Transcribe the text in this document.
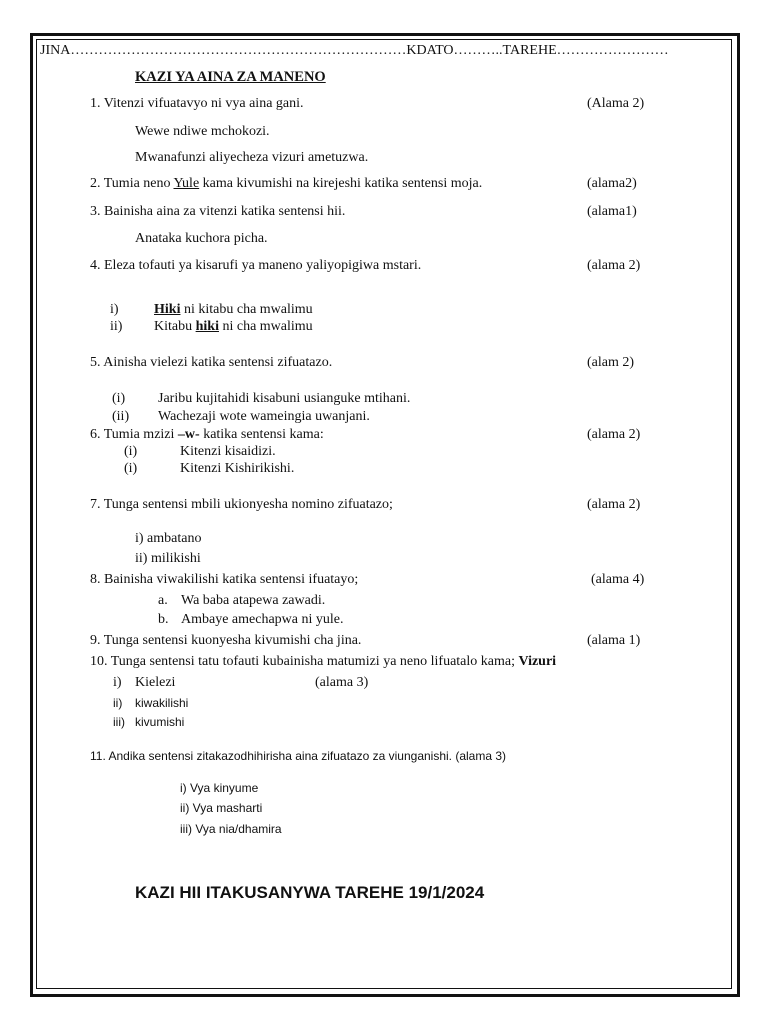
JINA………………………………………………………………KDATO………..TAREHE……………………
KAZI YA AINA ZA MANENO
1. Vitenzi vifuatavyo ni vya aina gani.	(Alama 2)
Wewe ndiwe mchokozi.
Mwanafunzi aliyecheza vizuri ametuzwa.
2. Tumia neno Yule kama kivumishi na kirejeshi katika sentensi moja.	(alama2)
3. Bainisha aina za vitenzi katika sentensi hii.	(alama1)
Anataka kuchora picha.
4. Eleza tofauti ya kisarufi ya maneno yaliyopigiwa mstari.	(alama 2)
i)	Hiki ni kitabu cha mwalimu
ii) Kitabu hiki ni cha mwalimu
5. Ainisha vielezi katika sentensi zifuatazo.	(alam 2)
(i) Jaribu kujitahidi kisabuni usianguke mtihani.
(ii) Wachezaji wote wameingia uwanjani.
6. Tumia mzizi –w- katika sentensi kama:	(alama 2)
(i)	Kitenzi kisaidizi.
(i)	Kitenzi Kishirikishi.
7. Tunga sentensi mbili ukionyesha nomino zifuatazo;	(alama 2)
i) ambatano
ii) milikishi
8. Bainisha viwakilishi katika sentensi ifuatayo;	(alama 4)
a. Wa baba atapewa zawadi.
b. Ambaye amechapwa ni yule.
9. Tunga sentensi kuonyesha kivumishi cha jina.	(alama 1)
10. Tunga sentensi tatu tofauti kubainisha matumizi ya neno lifuatalo kama; Vizuri
i) Kielezi	(alama 3)
ii) kiwakilishi
iii) kivumishi
11. Andika sentensi zitakazodhihirisha aina zifuatazo za viunganishi. (alama 3)
i) Vya kinyume
ii) Vya masharti
iii) Vya nia/dhamira
KAZI HII ITAKUSANYWA TAREHE 19/1/2024
